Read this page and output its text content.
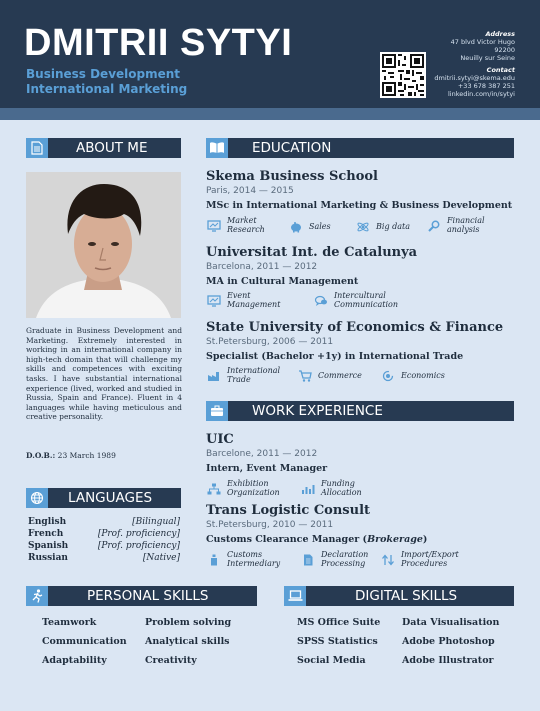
DMITRII SYTYI
Business Development
International Marketing
Address
47 blvd Victor Hugo
92200
Neuilly sur Seine
Contact
dmitrii.sytyi@skema.edu
+33 678 387 251
linkedin.com/in/sytyi
ABOUT ME
Graduate in Business Development and Marketing. Extremely interested in working in an international company in high-tech domain that will challenge my skills and competences with exciting tasks. I have substantial international experience (lived, worked and studied in Russia, Spain and France). Fluent in 4 languages while having meticulous and creative personality.
D.O.B.: 23 March 1989
LANGUAGES
English	[Bilingual]
French	[Prof. proficiency]
Spanish	[Prof. proficiency]
Russian	[Native]
EDUCATION
Skema Business School
Paris, 2014 — 2015
MSc in International Marketing & Business Development
Market
Research	Sales	Big data
Financial
analysis
Universitat Int. de Catalunya
Barcelona, 2011 — 2012
MA in Cultural Management
Event
Management
Intercultural
Communication
State University of Economics & Finance
St.Petersburg, 2006 — 2011
Specialist (Bachelor +1y) in International Trade
International
Trade	Commerce	Economics
WORK EXPERIENCE
UIC
Barcelone, 2011 — 2012
Intern, Event Manager
Exhibition
Organization
Funding
Allocation
Trans Logistic Consult
St.Petersburg, 2010 — 2011
Customs Clearance Manager (Brokerage)
Customs
Intermediary
Declaration
Processing
Import/Export
Procedures
PERSONAL SKILLS
Teamwork
Communication
Adaptability
Problem solving
Analytical skills
Creativity
DIGITAL SKILLS
MS Office Suite
SPSS Statistics
Social Media
Data Visualisation
Adobe Photoshop
Adobe Illustrator
